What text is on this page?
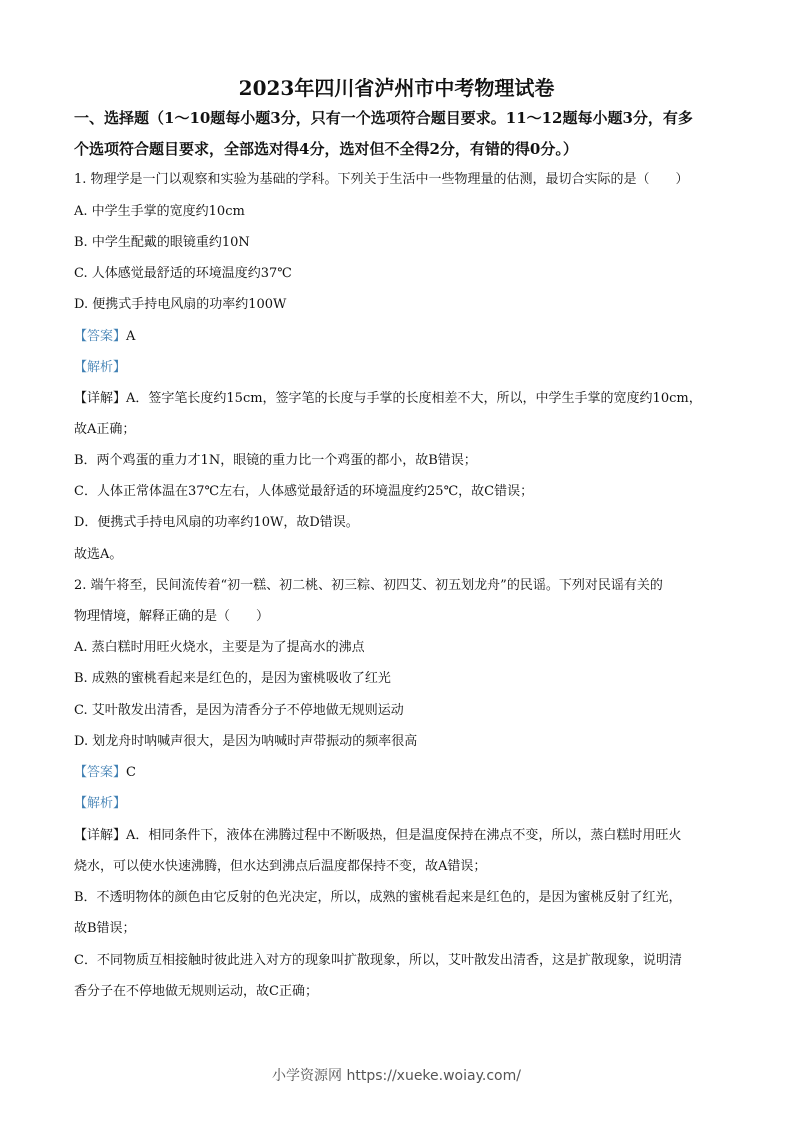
2023年四川省泸州市中考物理试卷
一、选择题（1～10题每小题3分，只有一个选项符合题目要求。11～12题每小题3分，有多
个选项符合题目要求，全部选对得4分，选对但不全得2分，有错的得0分。）
1. 物理学是一门以观察和实验为基础的学科。下列关于生活中一些物理量的估测，最切合实际的是（　　）
A. 中学生手掌的宽度约10cm
B. 中学生配戴的眼镜重约10N
C. 人体感觉最舒适的环境温度约37℃
D. 便携式手持电风扇的功率约100W
【答案】A
【解析】
【详解】A．签字笔长度约15cm，签字笔的长度与手掌的长度相差不大，所以，中学生手掌的宽度约10cm，
故A正确；
B．两个鸡蛋的重力才1N，眼镜的重力比一个鸡蛋的都小，故B错误；
C．人体正常体温在37℃左右，人体感觉最舒适的环境温度约25℃，故C错误；
D．便携式手持电风扇的功率约10W，故D错误。
故选A。
2. 端午将至，民间流传着“初一糕、初二桃、初三粽、初四艾、初五划龙舟”的民谣。下列对民谣有关的
物理情境，解释正确的是（　　）
A. 蒸白糕时用旺火烧水，主要是为了提高水的沸点
B. 成熟的蜜桃看起来是红色的，是因为蜜桃吸收了红光
C. 艾叶散发出清香，是因为清香分子不停地做无规则运动
D. 划龙舟时呐喊声很大，是因为呐喊时声带振动的频率很高
【答案】C
【解析】
【详解】A．相同条件下，液体在沸腾过程中不断吸热，但是温度保持在沸点不变，所以，蒸白糕时用旺火
烧水，可以使水快速沸腾，但水达到沸点后温度都保持不变，故A错误；
B．不透明物体的颜色由它反射的色光决定，所以，成熟的蜜桃看起来是红色的，是因为蜜桃反射了红光，
故B错误；
C．不同物质互相接触时彼此进入对方的现象叫扩散现象，所以，艾叶散发出清香，这是扩散现象，说明清
香分子在不停地做无规则运动，故C正确；
小学资源网 https://xueke.woiay.com/
